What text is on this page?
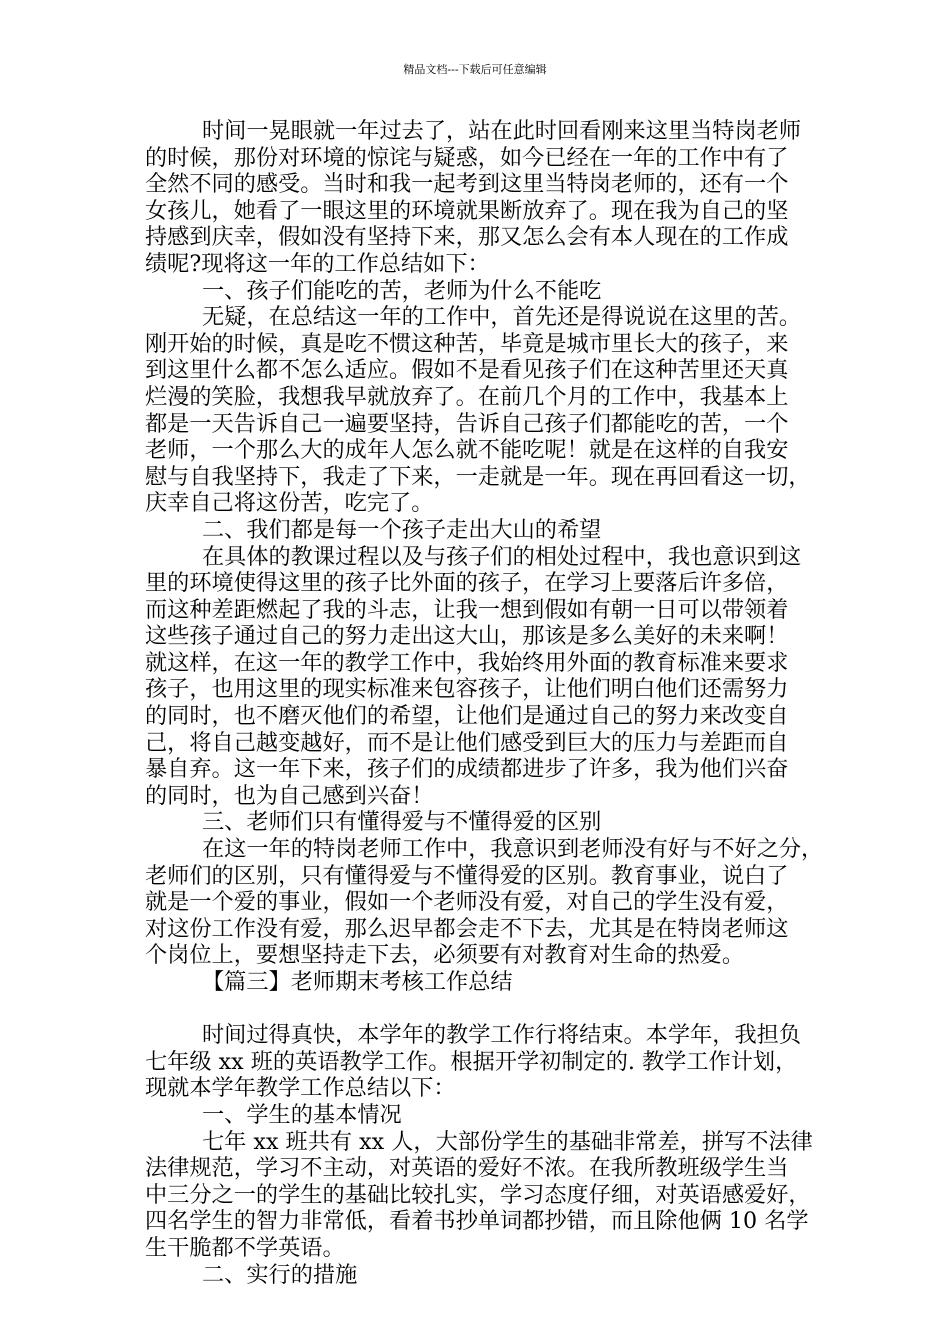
精品文档---下载后可任意编辑
时间一晃眼就一年过去了，站在此时回看刚来这里当特岗老师
的时候，那份对环境的惊诧与疑惑，如今已经在一年的工作中有了
全然不同的感受。当时和我一起考到这里当特岗老师的，还有一个
女孩儿，她看了一眼这里的环境就果断放弃了。现在我为自己的坚
持感到庆幸，假如没有坚持下来，那又怎么会有本人现在的工作成
绩呢?现将这一年的工作总结如下：
一、孩子们能吃的苦，老师为什么不能吃
无疑，在总结这一年的工作中，首先还是得说说在这里的苦。
刚开始的时候，真是吃不惯这种苦，毕竟是城市里长大的孩子，来
到这里什么都不怎么适应。假如不是看见孩子们在这种苦里还天真
烂漫的笑脸，我想我早就放弃了。在前几个月的工作中，我基本上
都是一天告诉自己一遍要坚持，告诉自己孩子们都能吃的苦，一个
老师，一个那么大的成年人怎么就不能吃呢！就是在这样的自我安
慰与自我坚持下，我走了下来，一走就是一年。现在再回看这一切，
庆幸自己将这份苦，吃完了。
二、我们都是每一个孩子走出大山的希望
在具体的教课过程以及与孩子们的相处过程中，我也意识到这
里的环境使得这里的孩子比外面的孩子，在学习上要落后许多倍，
而这种差距燃起了我的斗志，让我一想到假如有朝一日可以带领着
这些孩子通过自己的努力走出这大山，那该是多么美好的未来啊！
就这样，在这一年的教学工作中，我始终用外面的教育标准来要求
孩子，也用这里的现实标准来包容孩子，让他们明白他们还需努力
的同时，也不磨灭他们的希望，让他们是通过自己的努力来改变自
己，将自己越变越好，而不是让他们感受到巨大的压力与差距而自
暴自弃。这一年下来，孩子们的成绩都进步了许多，我为他们兴奋
的同时，也为自己感到兴奋！
三、老师们只有懂得爱与不懂得爱的区别
在这一年的特岗老师工作中，我意识到老师没有好与不好之分，
老师们的区别，只有懂得爱与不懂得爱的区别。教育事业，说白了
就是一个爱的事业，假如一个老师没有爱，对自己的学生没有爱，
对这份工作没有爱，那么迟早都会走不下去，尤其是在特岗老师这
个岗位上，要想坚持走下去，必须要有对教育对生命的热爱。
【篇三】老师期末考核工作总结
时间过得真快，本学年的教学工作行将结束。本学年，我担负
七年级 xx 班的英语教学工作。根据开学初制定的. 教学工作计划，
现就本学年教学工作总结以下：
一、学生的基本情况
七年 xx 班共有 xx 人，大部份学生的基础非常差，拼写不法律
法律规范，学习不主动，对英语的爱好不浓。在我所教班级学生当
中三分之一的学生的基础比较扎实，学习态度仔细，对英语感爱好，
四名学生的智力非常低，看着书抄单词都抄错，而且除他俩 10 名学
生干脆都不学英语。
二、实行的措施
